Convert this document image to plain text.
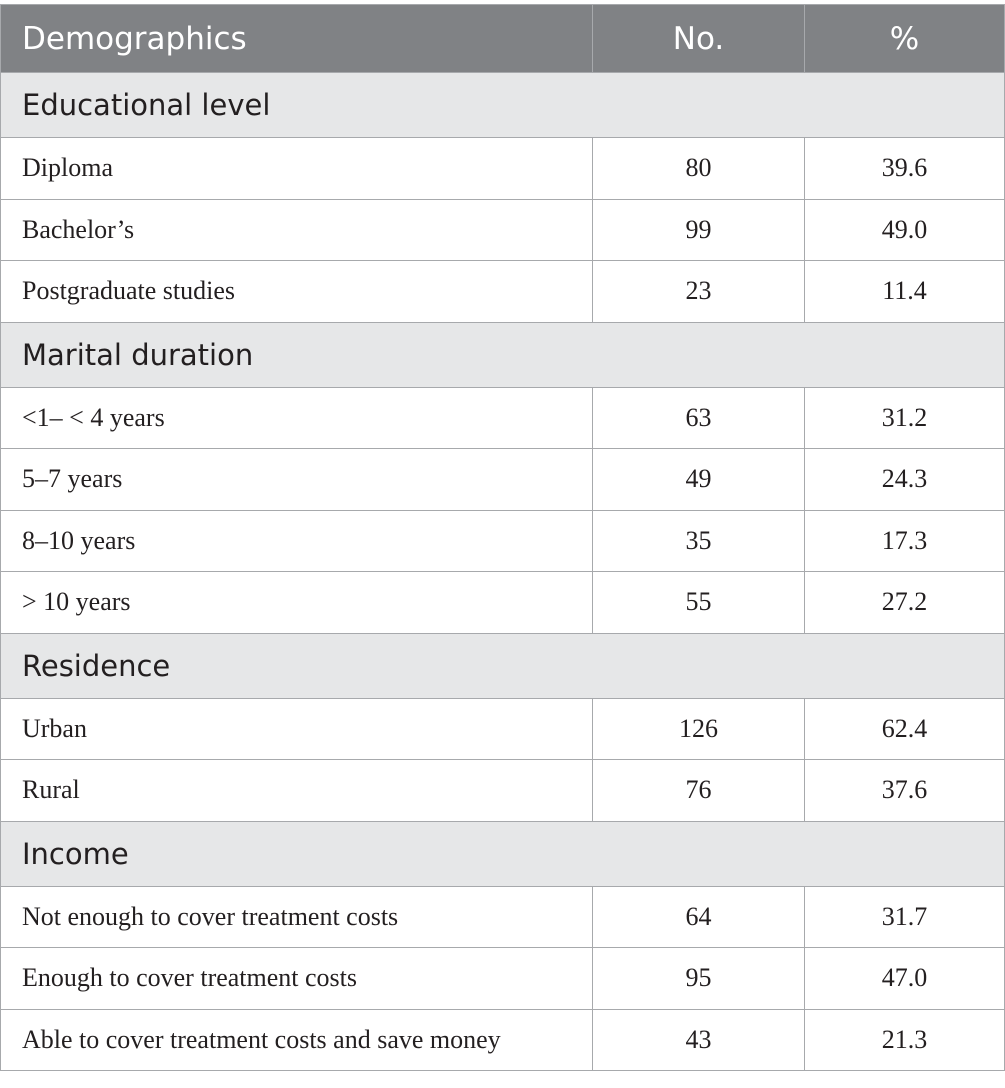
Demographics	No.	%
Educational level		
Diploma	80	39.6
Bachelor’s	99	49.0
Postgraduate studies	23	11.4
Marital duration		
<1– < 4 years	63	31.2
5–7 years	49	24.3
8–10 years	35	17.3
> 10 years	55	27.2
Residence		
Urban	126	62.4
Rural	76	37.6
Income		
Not enough to cover treatment costs	64	31.7
Enough to cover treatment costs	95	47.0
Able to cover treatment costs and save money	43	21.3
